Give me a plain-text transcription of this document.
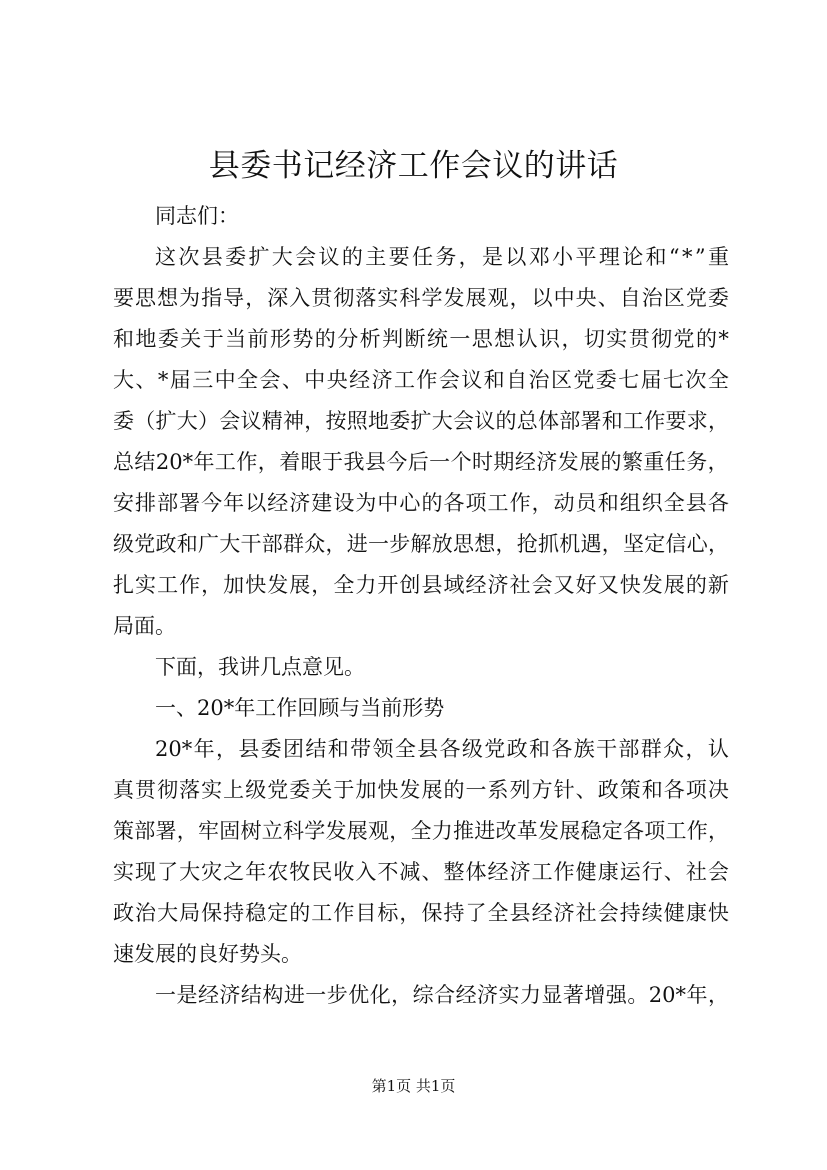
县委书记经济工作会议的讲话
同志们：
这 次 县 委 扩 大 会 议 的 主 要 任 务 ， 是 以 邓 小 平 理 论 和 “ * ” 重
要 思 想 为 指 导 ， 深 入 贯 彻 落 实 科 学 发 展 观 ， 以 中 央 、 自 治 区 党 委
和 地 委 关 于 当 前 形 势 的 分 析 判 断 统 一 思 想 认 识 ， 切 实 贯 彻 党 的 *
大 、 * 届 三 中 全 会 、 中 央 经 济 工 作 会 议 和 自 治 区 党 委 七 届 七 次 全
委 （ 扩 大 ） 会 议 精 神 ， 按 照 地 委 扩 大 会 议 的 总 体 部 署 和 工 作 要 求 ，
总 结 20* 年 工 作 ， 着 眼 于 我 县 今 后 一 个 时 期 经 济 发 展 的 繁 重 任 务 ，
安 排 部 署 今 年 以 经 济 建 设 为 中 心 的 各 项 工 作 ， 动 员 和 组 织 全 县 各
级 党 政 和 广 大 干 部 群 众 ， 进 一 步 解 放 思 想 ， 抢 抓 机 遇 ， 坚 定 信 心 ，
扎 实 工 作 ， 加 快 发 展 ， 全 力 开 创 县 域 经 济 社 会 又 好 又 快 发 展 的 新
局面。
下面，我讲几点意见。
一、20*年工作回顾与当前形势
20* 年 ， 县 委 团 结 和 带 领 全 县 各 级 党 政 和 各 族 干 部 群 众 ， 认
真 贯 彻 落 实 上 级 党 委 关 于 加 快 发 展 的 一 系 列 方 针 、 政 策 和 各 项 决
策 部 署 ， 牢 固 树 立 科 学 发 展 观 ， 全 力 推 进 改 革 发 展 稳 定 各 项 工 作 ，
实 现 了 大 灾 之 年 农 牧 民 收 入 不 减 、 整 体 经 济 工 作 健 康 运 行 、 社 会
政 治 大 局 保 持 稳 定 的 工 作 目 标 ， 保 持 了 全 县 经 济 社 会 持 续 健 康 快
速发展的良好势头。
一 是 经 济 结 构 进 一 步 优 化 ， 综 合 经 济 实 力 显 著 增 强 。 20* 年 ，
第1页 共1页
